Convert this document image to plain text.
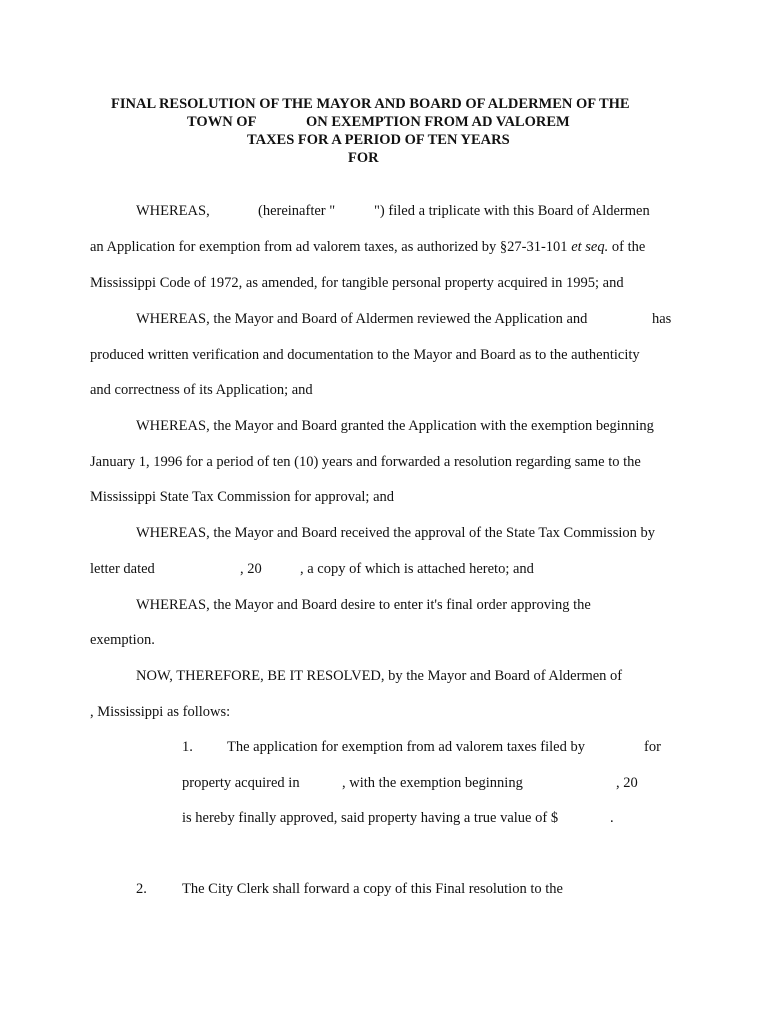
FINAL RESOLUTION OF THE MAYOR AND BOARD OF ALDERMEN OF THE
TOWN OF	ON EXEMPTION FROM AD VALOREM
TAXES FOR A PERIOD OF TEN YEARS
FOR
WHEREAS,	(hereinafter "	") filed a triplicate with this Board of Aldermen
an Application for exemption from ad valorem taxes, as authorized by §27-31-101 et seq. of the
Mississippi Code of 1972, as amended, for tangible personal property acquired in 1995; and
WHEREAS, the Mayor and Board of Aldermen reviewed the Application and	has
produced written verification and documentation to the Mayor and Board as to the authenticity
and correctness of its Application; and
WHEREAS, the Mayor and Board granted the Application with the exemption beginning
January 1, 1996 for a period of ten (10) years and forwarded a resolution regarding same to the
Mississippi State Tax Commission for approval; and
WHEREAS, the Mayor and Board received the approval of the State Tax Commission by
letter dated	, 20	, a copy of which is attached hereto; and
WHEREAS, the Mayor and Board desire to enter it's final order approving the
exemption.
NOW, THEREFORE, BE IT RESOLVED, by the Mayor and Board of Aldermen of
, Mississippi as follows:
1. The application for exemption from ad valorem taxes filed by	for
property acquired in	, with the exemption beginning	, 20
is hereby finally approved, said property having a true value of $	.
2. The City Clerk shall forward a copy of this Final resolution to the
